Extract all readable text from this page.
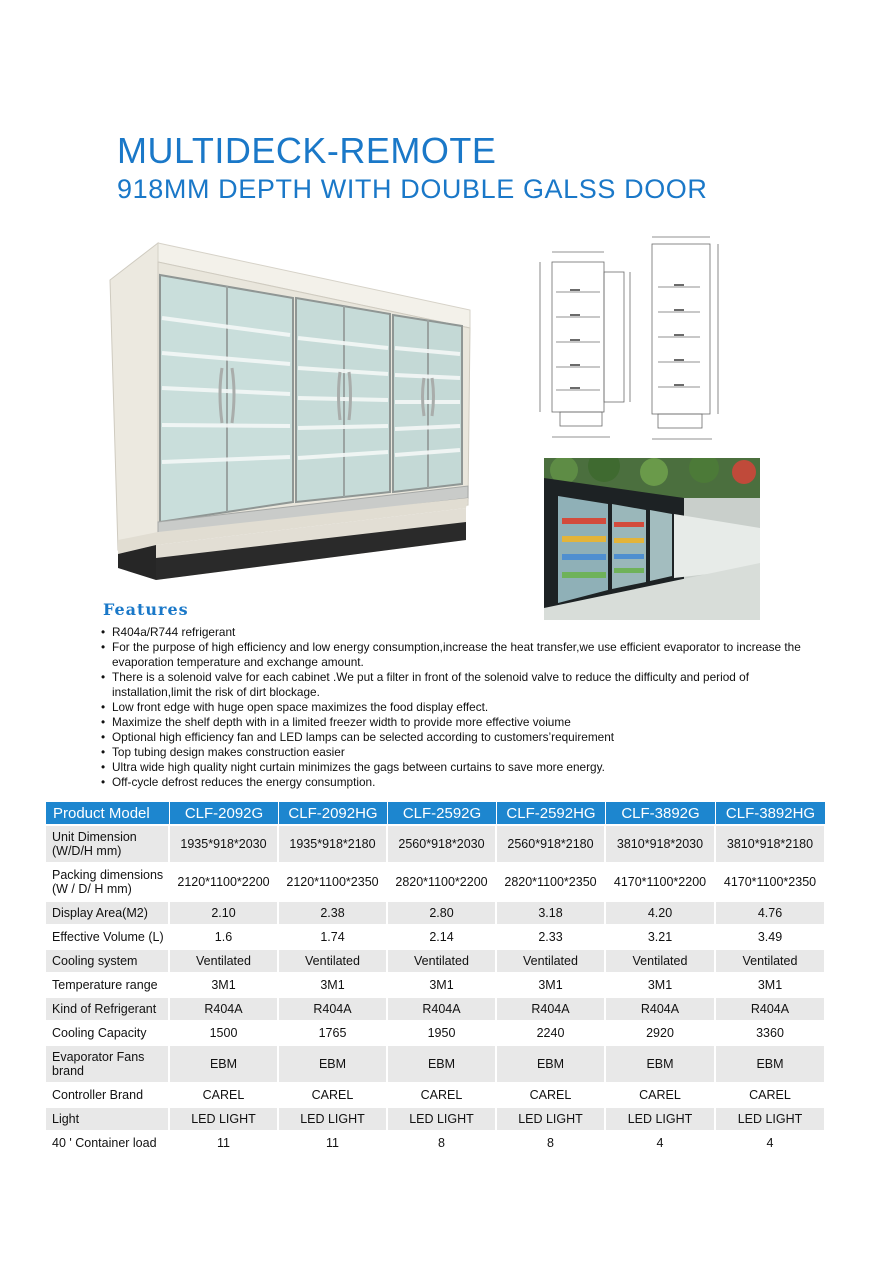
MULTIDECK-REMOTE
918MM DEPTH WITH DOUBLE GALSS DOOR
Features
• R404a/R744 refrigerant
• For the purpose of high efficiency and low energy consumption,increase the heat transfer,we use efficient evaporator to increase the evaporation temperature and exchange amount.
• There is a solenoid valve for each cabinet .We put a filter in front of the solenoid valve to reduce the difficulty and period of installation,limit the risk of dirt blockage.
• Low front edge with huge open space maximizes the food display effect.
• Maximize the shelf depth with in a limited freezer width to provide more effective voiume
• Optional high efficiency fan and LED lamps can be selected according to customers’requirement
• Top tubing design makes construction easier
• Ultra wide high quality night curtain minimizes the gags between curtains to save more energy.
• Off-cycle defrost reduces the energy consumption.
Product Model	CLF-2092G	CLF-2092HG	CLF-2592G	CLF-2592HG	CLF-3892G	CLF-3892HG
Unit Dimension
(W/D/H mm)	1935*918*2030	1935*918*2180	2560*918*2030	2560*918*2180	3810*918*2030	3810*918*2180
Packing dimensions
(W / D/ H mm)	2120*1100*2200	2120*1100*2350	2820*1100*2200	2820*1100*2350	4170*1100*2200	4170*1100*2350
Display Area(M2)	2.10	2.38	2.80	3.18	4.20	4.76
Effective Volume (L)	1.6	1.74	2.14	2.33	3.21	3.49
Cooling system	Ventilated	Ventilated	Ventilated	Ventilated	Ventilated	Ventilated
Temperature range	3M1	3M1	3M1	3M1	3M1	3M1
Kind of Refrigerant	R404A	R404A	R404A	R404A	R404A	R404A
Cooling Capacity	1500	1765	1950	2240	2920	3360
Evaporator Fans
brand	EBM	EBM	EBM	EBM	EBM	EBM
Controller Brand	CAREL	CAREL	CAREL	CAREL	CAREL	CAREL
Light	LED LIGHT	LED LIGHT	LED LIGHT	LED LIGHT	LED LIGHT	LED LIGHT
40 ' Container load	11	11	8	8	4	4
